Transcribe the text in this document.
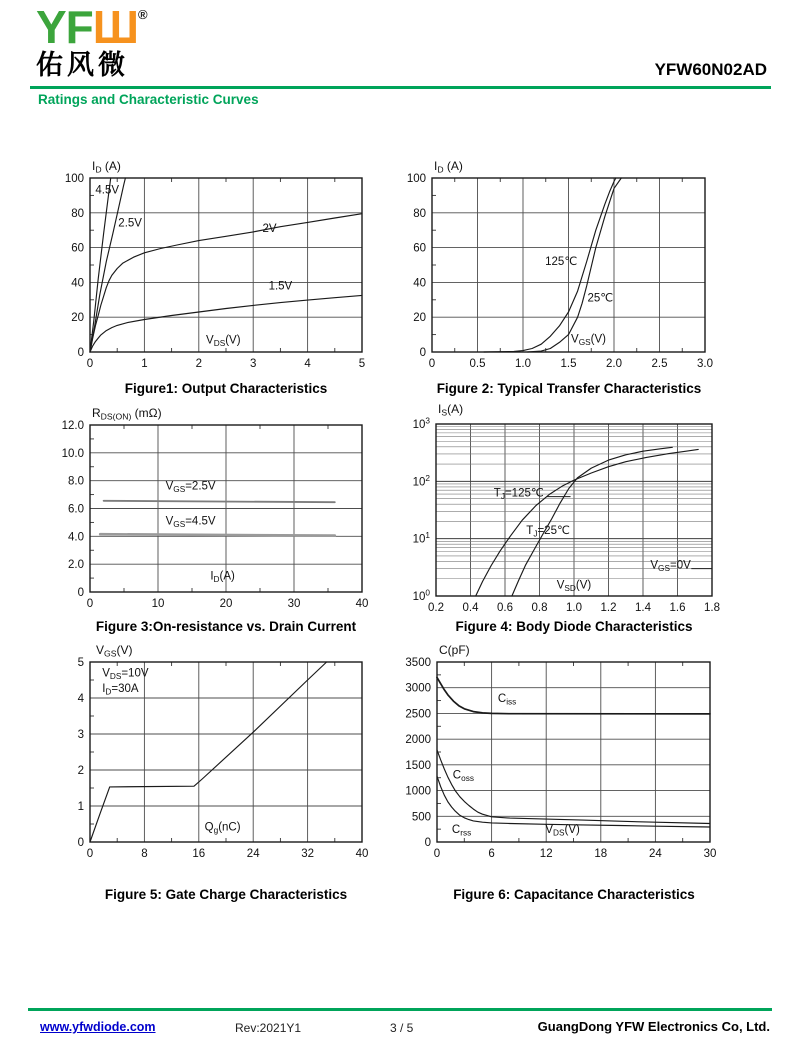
YFШ®
佑风微	YFW60N02AD
Ratings and Characteristic Curves
4.5V
2.5V	2V
1.5V
$V_{DS}(V)$
$I_D$ (A)
0	1	2	3	4	5
0
20
40
60
80
100
Figure1: Output Characteristics
125℃
25℃
$V_{GS}(V)$
$I_D$ (A)
0	0.5	1.0	1.5	2.0	2.5	3.0
0
20
40
60
80
100
Figure 2: Typical Transfer Characteristics
$V_{GS}=2.5V$
$V_{GS}=4.5V$
$I_D(A)$
$R_{DS(ON)}$ (mΩ)
0	10	20	30	40
0
2.0
4.0
6.0
8.0
10.0
12.0
Figure 3:On-resistance vs. Drain Current
$T_J=125℃$
$T_J=25℃$
$V_{GS}=0V$
$V_{SD}(V)$
$I_S(A)$
0.2 0.4 0.6 0.8 1.0 1.2 1.4 1.6 1.8
$10^0$
$10^1$
$10^2$
$10^3$
Figure 4: Body Diode Characteristics
$V_{DS}=10V$
$I_D=30A$
$Q_g(nC)$
$V_{GS}(V)$
0	8	16	24	32	40
0
1
2
3
4
5
Figure 5: Gate Charge Characteristics
$C_{iss}$
$C_{oss}$
$C_{rss}$	$V_{DS}(V)$
C(pF)
0	6	12	18	24	30
0
500
1000
1500
2000
2500
3000
3500
Figure 6: Capacitance Characteristics
www.yfwdiode.com	Rev:2021Y1	3 / 5	GuangDong YFW Electronics Co, Ltd.
